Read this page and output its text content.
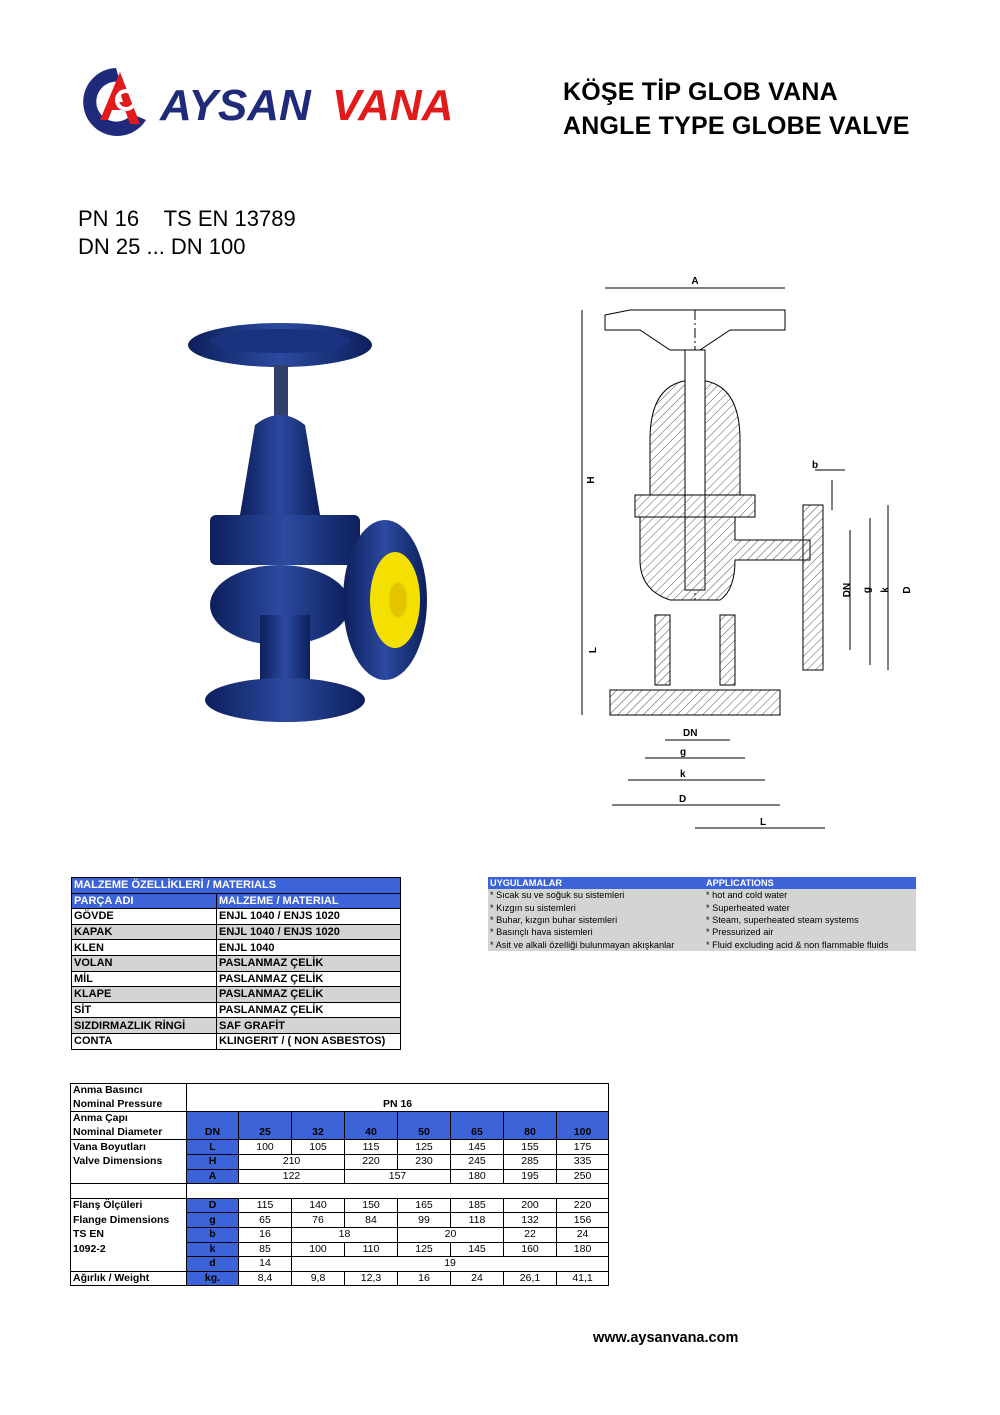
AYSAN VANA	KÖŞE TİP GLOB VANA
ANGLE TYPE GLOBE VALVE
PN 16 TS EN 13789
DN 25 ... DN 100
A
H
L
b
DN g k D
DN
g
k
D
L
MALZEME ÖZELLİKLERİ / MATERIALS	
PARÇA ADI	MALZEME / MATERIAL
GÖVDE	ENJL 1040 / ENJS 1020
KAPAK	ENJL 1040 / ENJS 1020
KLEN	ENJL 1040
VOLAN	PASLANMAZ ÇELİK
MİL	PASLANMAZ ÇELİK
KLAPE	PASLANMAZ ÇELİK
SİT	PASLANMAZ ÇELİK
SIZDIRMAZLIK RİNGİ	SAF GRAFİT
CONTA	KLINGERIT / ( NON ASBESTOS)
UYGULAMALAR	APPLICATIONS
* Sıcak su ve soğuk su sistemleri	* hot and cold water
* Kızgın su sistemleri	* Superheated water
* Buhar, kızgın buhar sistemleri	* Steam, superheated steam systems
* Basınçlı hava sistemleri	* Pressurized air
* Asit ve alkali özelliği bulunmayan akışkanlar	* Fluid excluding acid & non flammable fluids
Anma Basıncı	PN 16							
Nominal Pressure								
Anma Çapı	DN	25	32	40	50	65	80	100
Nominal Diameter								
Vana Boyutları	L	100	105	115	125	145	155	175
Valve Dimensions	H	210		220	230	245	285	335
	A	122		157		180	195	250

Flanş Ölçüleri	D	115	140	150	165	185	200	220
Flange Dimensions	g	65	76	84	99	118	132	156
TS EN	b	16	18		20		22	24
1092-2	k	85	100	110	125	145	160	180
	d	14	19					
Ağırlık / Weight	kg.	8,4	9,8	12,3	16	24	26,1	41,1
www.aysanvana.com
